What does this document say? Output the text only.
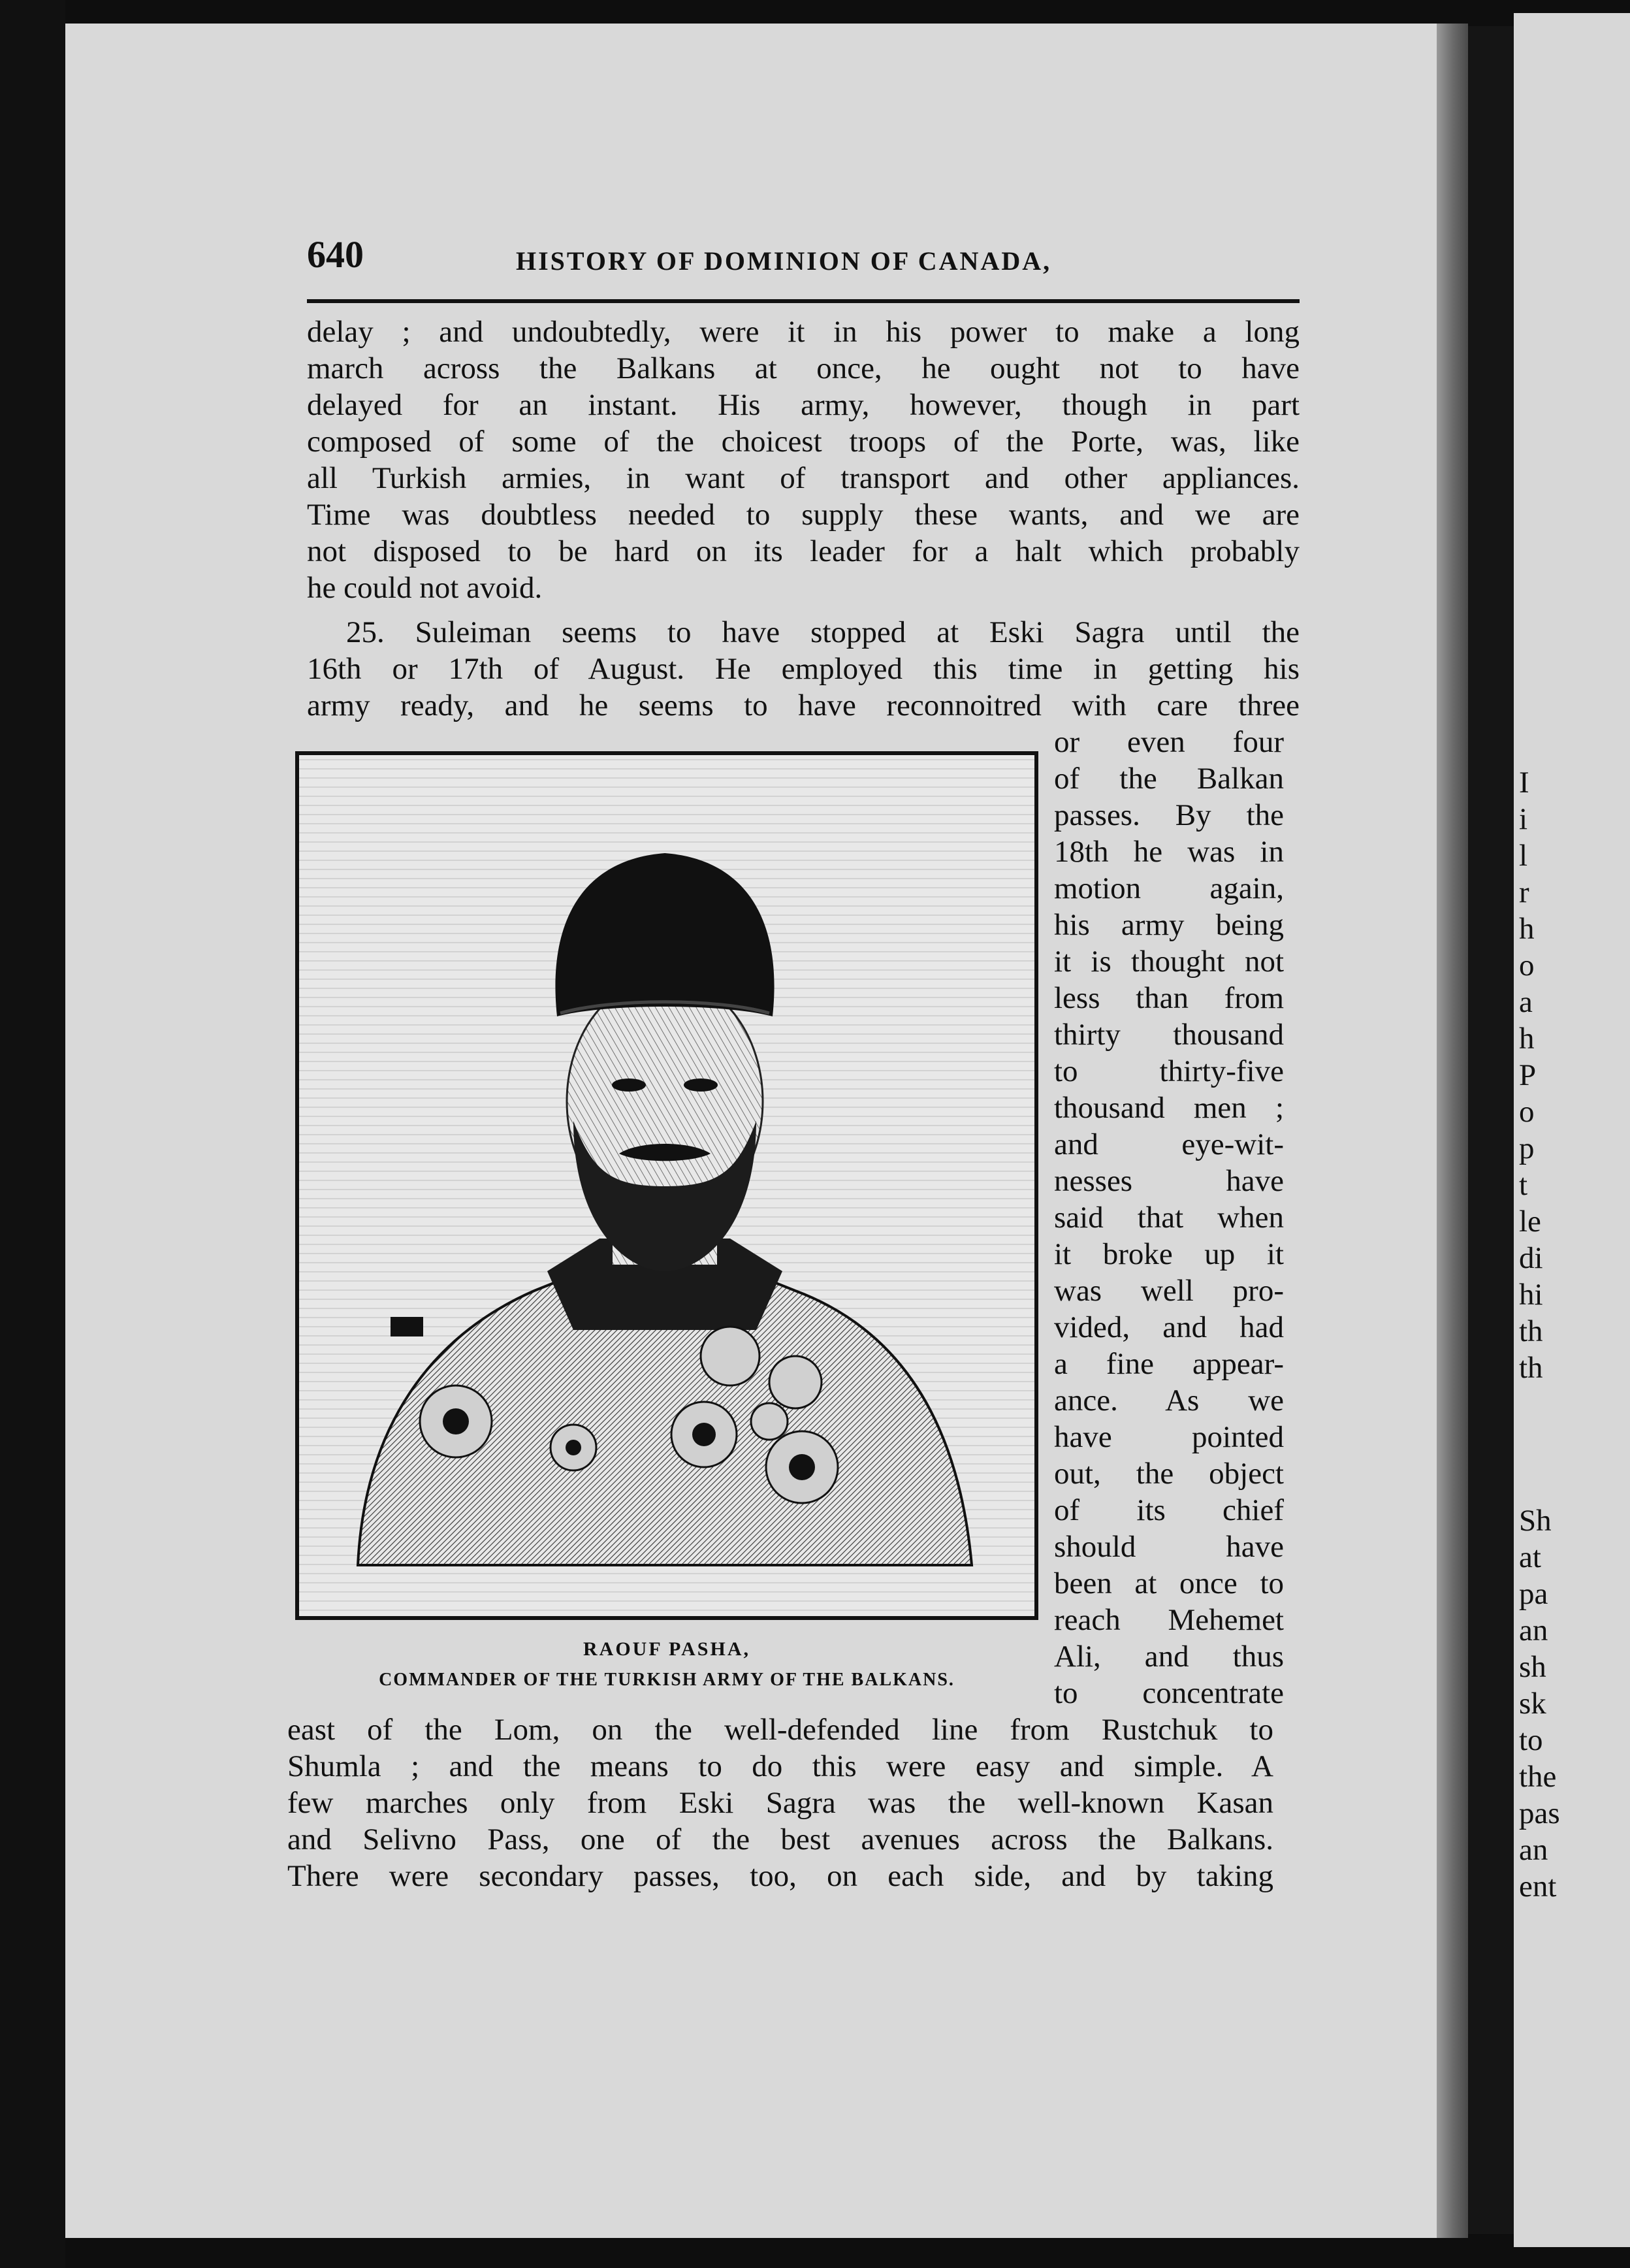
640	HISTORY OF DOMINION OF CANADA,
delay ; and undoubtedly, were it in his power to make a long
march across the Balkans at once, he ought not to have
delayed for an instant. His army, however, though in part
composed of some of the choicest troops of the Porte, was, like
all Turkish armies, in want of transport and other appliances.
Time was doubtless needed to supply these wants, and we are
not disposed to be hard on its leader for a halt which probably
he could not avoid.
25. Suleiman seems to have stopped at Eski Sagra until the
16th or 17th of August. He employed this time in getting his
army ready, and he seems to have reconnoitred with care three
RAOUF PASHA,
COMMANDER OF THE TURKISH ARMY OF THE BALKANS.
or even four
of the Balkan
passes. By the
18th he was in
motion again,
his army being
it is thought not
less than from
thirty thousand
to thirty-five
thousand men ;
and eye-wit-
nesses have
said that when
it broke up it
was well pro-
vided, and had
a fine appear-
ance. As we
have pointed
out, the object
of its chief
should have
been at once to
reach Mehemet
Ali, and thus
to concentrate
east of the Lom, on the well-defended line from Rustchuk to
Shumla ; and the means to do this were easy and simple. A
few marches only from Eski Sagra was the well-known Kasan
and Selivno Pass, one of the best avenues across the Balkans.
There were secondary passes, too, on each side, and by taking
I
i
l
r
h
o
a
h
P
o
p
t
le
di
hi
th
th
Sh
at
pa
an
sh
sk
to
the
pas
an
ent
